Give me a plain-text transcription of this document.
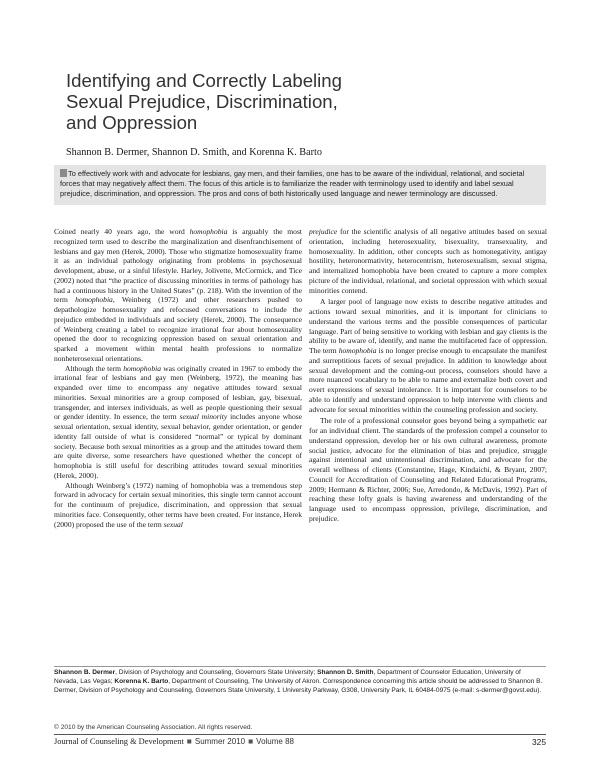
Identifying and Correctly Labeling
Sexual Prejudice, Discrimination,
and Oppression
Shannon B. Dermer, Shannon D. Smith, and Korenna K. Barto
To effectively work with and advocate for lesbians, gay men, and their families, one has to be aware of the individual, relational, and societal forces that may negatively affect them. The focus of this article is to familiarize the reader with terminology used to identify and label sexual prejudice, discrimination, and oppression. The pros and cons of both historically used language and newer terminology are discussed.

Coined nearly 40 years ago, the word homophobia is arguably the most recognized term used to describe the marginalization and disenfranchisement of lesbians and gay men (Herek, 2000). Those who stigmatize homosexuality frame it as an individual pathology originating from problems in psychosexual development, abuse, or a sinful lifestyle. Harley, Jolivette, McCormick, and Tice (2002) noted that “the practice of discussing minorities in terms of pathology has had a continuous history in the United States” (p. 218). With the invention of the term homophobia, Weinberg (1972) and other researchers pushed to depathologize homosexuality and refocused conversations to include the prejudice embedded in individuals and society (Herek, 2000). The consequence of Weinberg creating a label to recognize irrational fear about homosexuality opened the door to recognizing oppression based on sexual orientation and sparked a movement within mental health professions to normalize nonheterosexual orientations.

Although the term homophobia was originally created in 1967 to embody the irrational fear of lesbians and gay men (Weinberg, 1972), the meaning has expanded over time to encompass any negative attitudes toward sexual minorities. Sexual minorities are a group composed of lesbian, gay, bisexual, transgender, and intersex individuals, as well as people questioning their sexual or gender identity. In essence, the term sexual minority includes anyone whose sexual orientation, sexual identity, sexual behavior, gender orientation, or gender identity fall outside of what is considered “normal” or typical by dominant society. Because both sexual minorities as a group and the attitudes toward them are quite diverse, some researchers have questioned whether the concept of homophobia is still useful for describing attitudes toward sexual minorities (Herek, 2000).

Although Weinberg’s (1972) naming of homophobia was a tremendous step forward in advocacy for certain sexual minorities, this single term cannot account for the continuum of prejudice, discrimination, and oppression that sexual minorities face. Consequently, other terms have been created. For instance, Herek (2000) proposed the use of the term sexual

prejudice for the scientific analysis of all negative attitudes based on sexual orientation, including heterosexuality, bisexuality, transexuality, and homosexuality. In addition, other concepts such as homonegativity, antigay hostility, heteronormativity, heterocentrism, heterosexualism, sexual stigma, and internalized homophobia have been created to capture a more complex picture of the individual, relational, and societal oppression with which sexual minorities contend.

A larger pool of language now exists to describe negative attitudes and actions toward sexual minorities, and it is important for clinicians to understand the various terms and the possible consequences of particular language. Part of being sensitive to working with lesbian and gay clients is the ability to be aware of, identify, and name the multifaceted face of oppression. The term homophobia is no longer precise enough to encapsulate the manifest and surreptitious facets of sexual prejudice. In addition to knowledge about sexual development and the coming-out process, counselors should have a more nuanced vocabulary to be able to name and externalize both covert and overt expressions of sexual intolerance. It is important for counselors to be able to identify and understand oppression to help intervene with clients and advocate for sexual minorities within the counseling profession and society.

The role of a professional counselor goes beyond being a sympathetic ear for an individual client. The standards of the profession compel a counselor to understand oppression, develop her or his own cultural awareness, promote social justice, advocate for the elimination of bias and prejudice, struggle against intentional and unintentional discrimination, and advocate for the overall wellness of clients (Constantine, Hage, Kindaichi, & Bryant, 2007; Council for Accreditation of Counseling and Related Educational Programs, 2009; Hermann & Richter, 2006; Sue, Arredondo, & McDavis, 1992). Part of reaching these lofty goals is having awareness and understanding of the language used to encompass oppression, privilege, discrimination, and prejudice.

Shannon B. Dermer, Division of Psychology and Counseling, Governors State University; Shannon D. Smith, Department of Counselor Education, University of Nevada, Las Vegas; Korenna K. Barto, Department of Counseling, The University of Akron. Correspondence concerning this article should be addressed to Shannon B. Dermer, Division of Psychology and Counseling, Governors State University, 1 University Parkway, G308, University Park, IL 60484-0975 (e-mail: s-dermer@govst.edu).
© 2010 by the American Counseling Association. All rights reserved.
Journal of Counseling & Development ■ Summer 2010 ■ Volume 88	325
